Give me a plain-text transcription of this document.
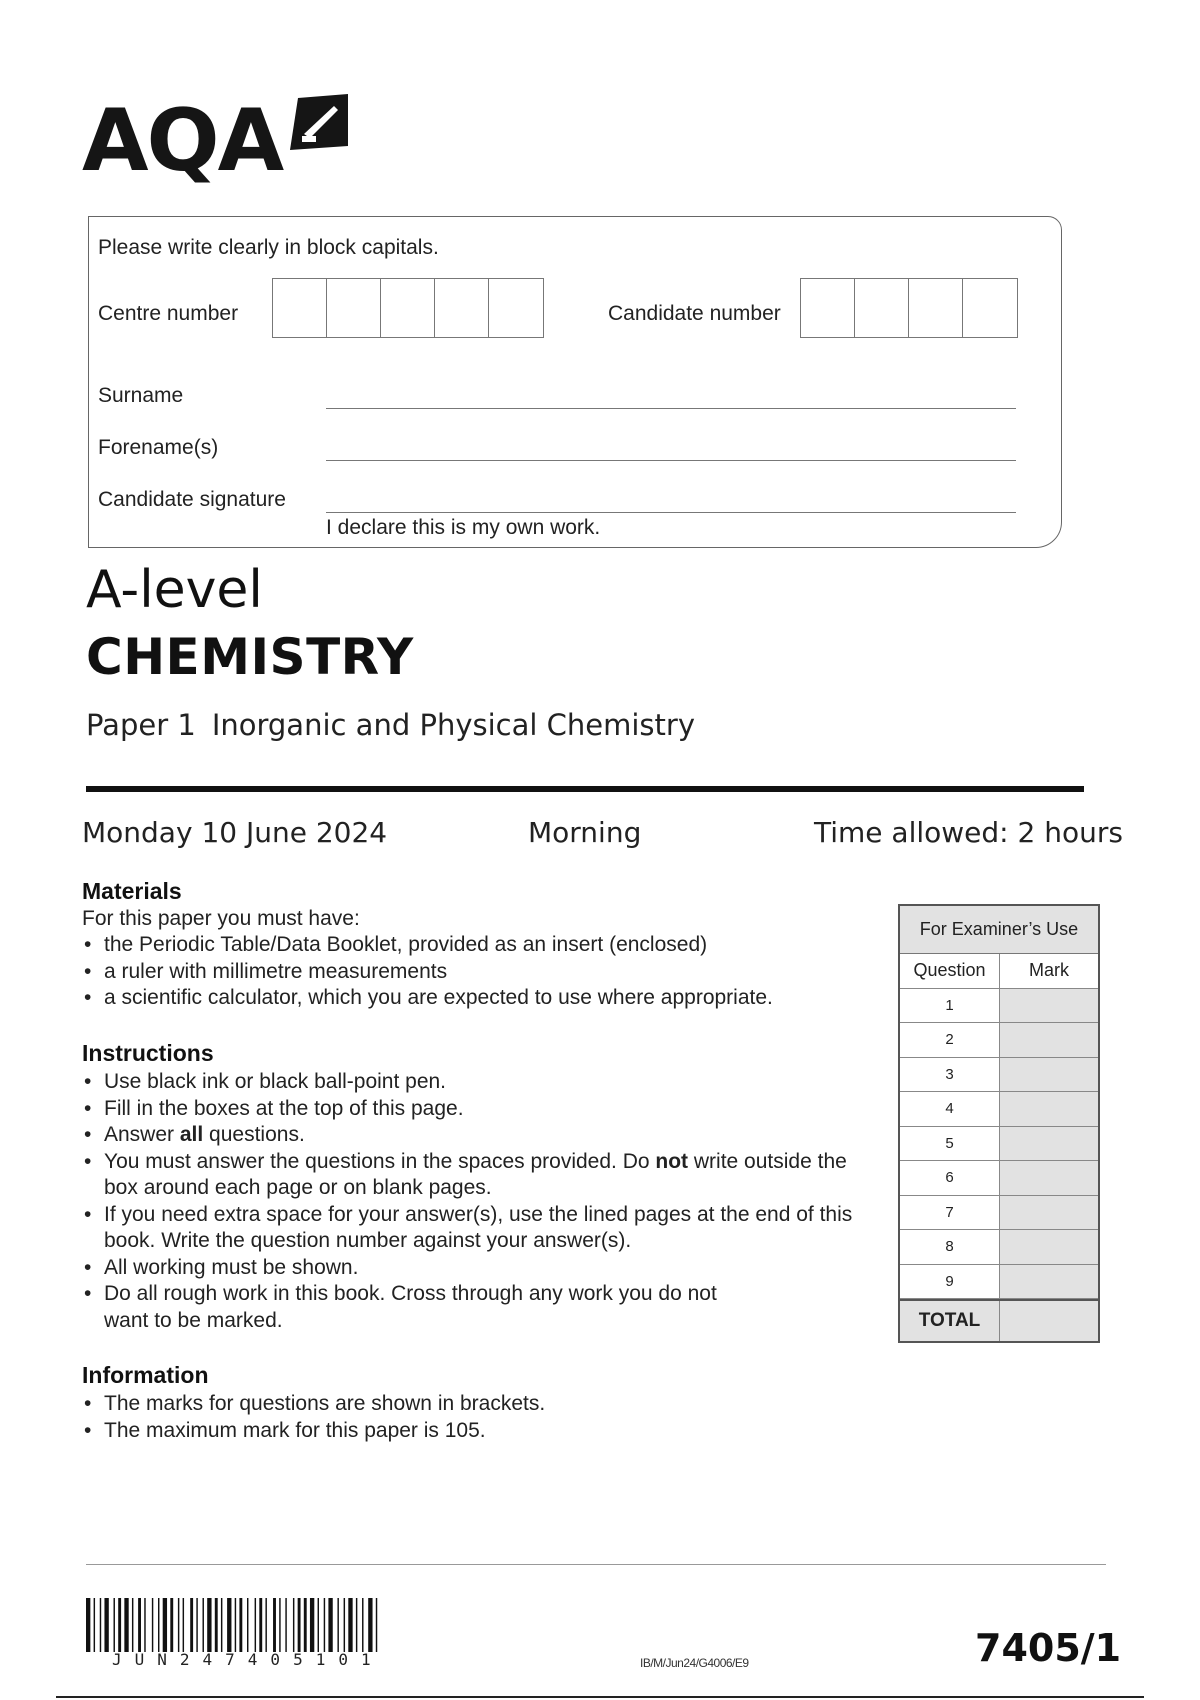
AQA
Please write clearly in block capitals.
Centre number	Candidate number
Surname
Forename(s)
Candidate signature
I declare this is my own work.
A-level
CHEMISTRY
Paper 1 Inorganic and Physical Chemistry
Monday 10 June 2024	Morning	Time allowed: 2 hours
Materials
For this paper you must have:
• the Periodic Table/Data Booklet, provided as an insert (enclosed)
• a ruler with millimetre measurements
• a scientific calculator, which you are expected to use where appropriate.
Instructions
• Use black ink or black ball-point pen.
• Fill in the boxes at the top of this page.
• Answer all questions.
• You must answer the questions in the spaces provided. Do not write outside the box around each page or on blank pages.
• If you need extra space for your answer(s), use the lined pages at the end of this book. Write the question number against your answer(s).
• All working must be shown.
• Do all rough work in this book. Cross through any work you do not want to be marked.
Information
• The marks for questions are shown in brackets.
• The maximum mark for this paper is 105.
For Examiner’s Use
Question	Mark
1
2
3
4
5
6
7
8
9
TOTAL
JUN247405101	IB/M/Jun24/G4006/E9	7405/1
